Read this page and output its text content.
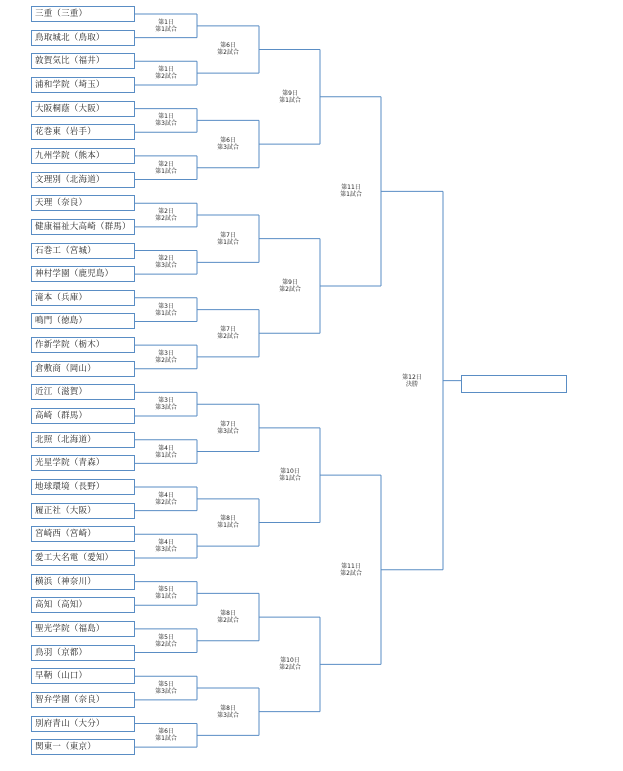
三重（三重）
鳥取城北（鳥取）
敦賀気比（福井）
浦和学院（埼玉）
大阪桐蔭（大阪）
花巻東（岩手）
九州学院（熊本）
文理別（北海道）
天理（奈良）
健康福祉大高崎（群馬）
石巻工（宮城）
神村学園（鹿児島）
滝本（兵庫）
鳴門（徳島）
作新学院（栃木）
倉敷商（岡山）
近江（滋賀）
高崎（群馬）
北照（北海道）
光星学院（青森）
地球環境（長野）
履正社（大阪）
宮崎西（宮崎）
愛工大名電（愛知）
横浜（神奈川）
高知（高知）
聖光学院（福島）
鳥羽（京都）
早鞆（山口）
智弁学園（奈良）
別府青山（大分）
関東一（東京）
第1日
第1試合
第1日
第2試合
第1日
第3試合
第2日
第1試合
第2日
第2試合
第2日
第3試合
第3日
第1試合
第3日
第2試合
第3日
第3試合
第4日
第1試合
第4日
第2試合
第4日
第3試合
第5日
第1試合
第5日
第2試合
第5日
第3試合
第6日
第1試合
第6日
第2試合
第6日
第3試合
第7日
第1試合
第7日
第2試合
第7日
第3試合
第8日
第1試合
第8日
第2試合
第8日
第3試合
第9日
第1試合
第9日
第2試合
第10日
第1試合
第10日
第2試合
第11日
第1試合
第11日
第2試合
第12日
決勝
